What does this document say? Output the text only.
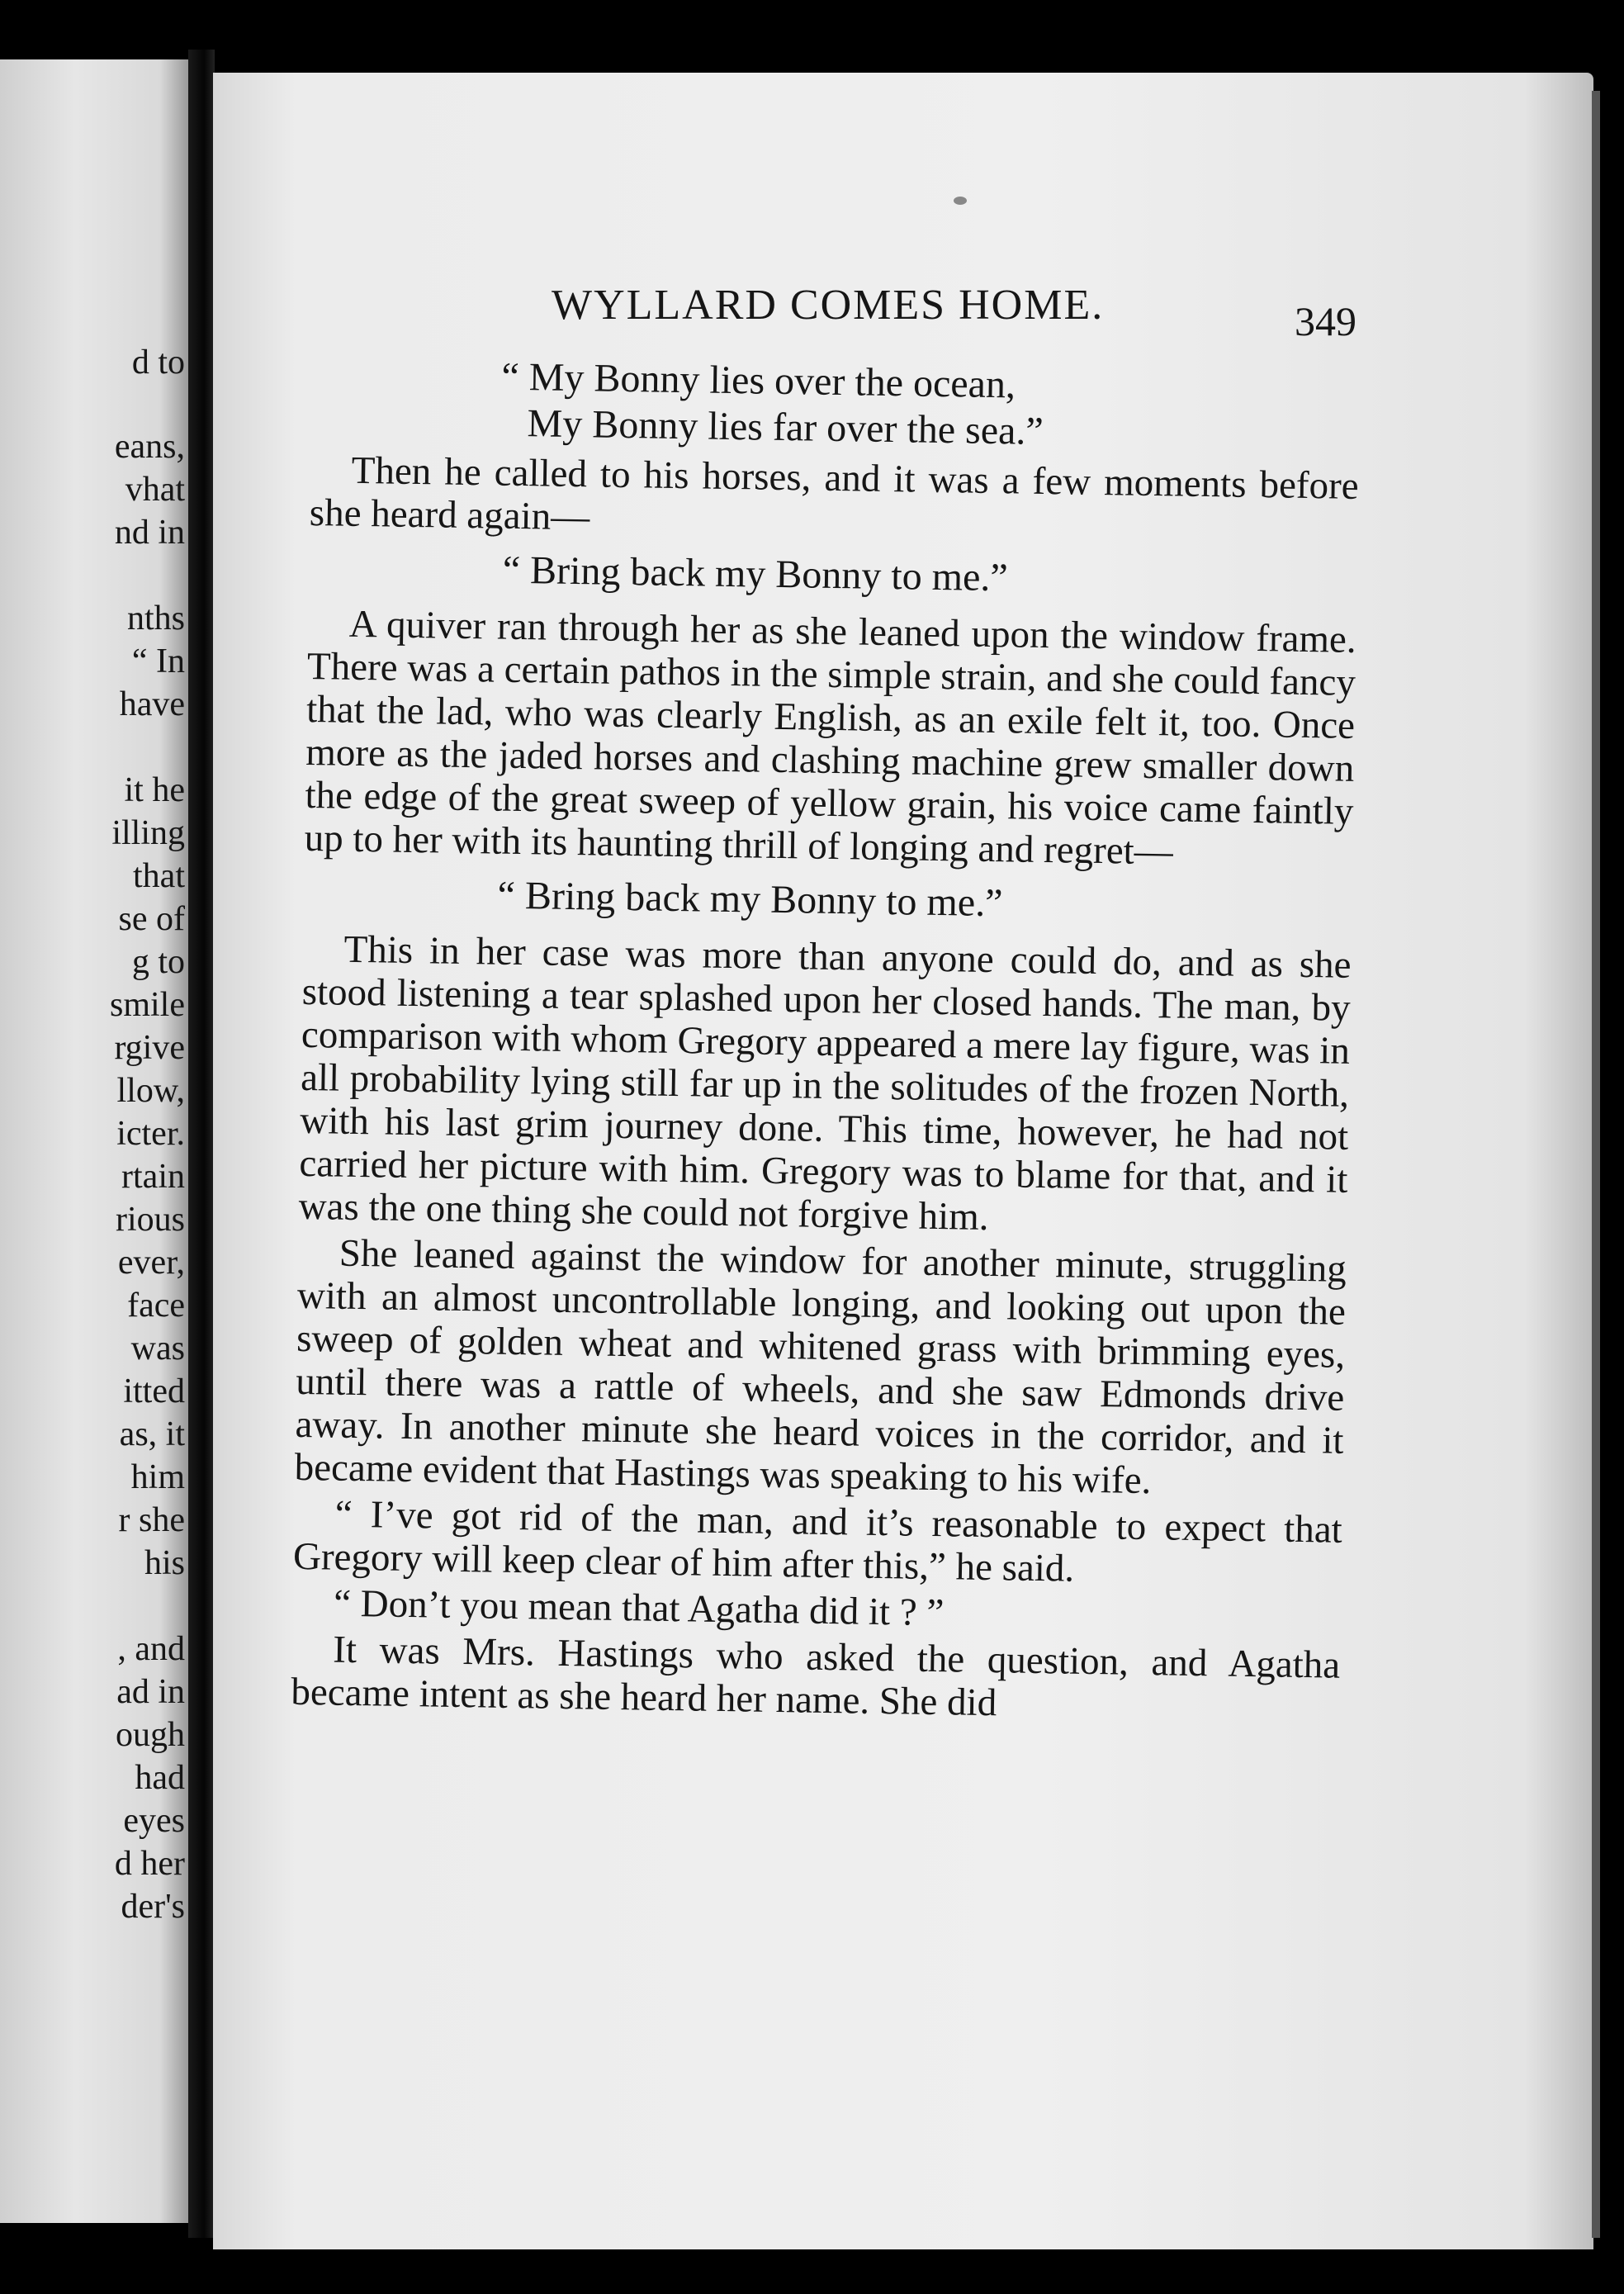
d to
eans,
vhat
nd in
nths
“ In
have
it he
illing
that
se of
g to
smile
rgive
llow,
icter.
rtain
rious
ever,
face
was
itted
as, it
him
r she
his
, and
ad in
ough
had
eyes
d her
der's
WYLLARD COMES HOME.	349
“ My Bonny lies over the ocean,
My Bonny lies far over the sea.”

Then he called to his horses, and it was a few moments before she heard again—

“ Bring back my Bonny to me.”

A quiver ran through her as she leaned upon the window frame. There was a certain pathos in the simple strain, and she could fancy that the lad, who was clearly English, as an exile felt it, too. Once more as the jaded horses and clashing machine grew smaller down the edge of the great sweep of yellow grain, his voice came faintly up to her with its haunting thrill of longing and regret—

“ Bring back my Bonny to me.”

This in her case was more than anyone could do, and as she stood listening a tear splashed upon her closed hands. The man, by comparison with whom Gregory appeared a mere lay figure, was in all probability lying still far up in the solitudes of the frozen North, with his last grim journey done. This time, however, he had not carried her picture with him. Gregory was to blame for that, and it was the one thing she could not forgive him.

She leaned against the window for another minute, struggling with an almost uncontrollable longing, and looking out upon the sweep of golden wheat and whitened grass with brimming eyes, until there was a rattle of wheels, and she saw Edmonds drive away. In another minute she heard voices in the corridor, and it became evident that Hastings was speaking to his wife.

“ I’ve got rid of the man, and it’s reasonable to expect that Gregory will keep clear of him after this,” he said.

“ Don’t you mean that Agatha did it ? ”

It was Mrs. Hastings who asked the question, and Agatha became intent as she heard her name. She did
